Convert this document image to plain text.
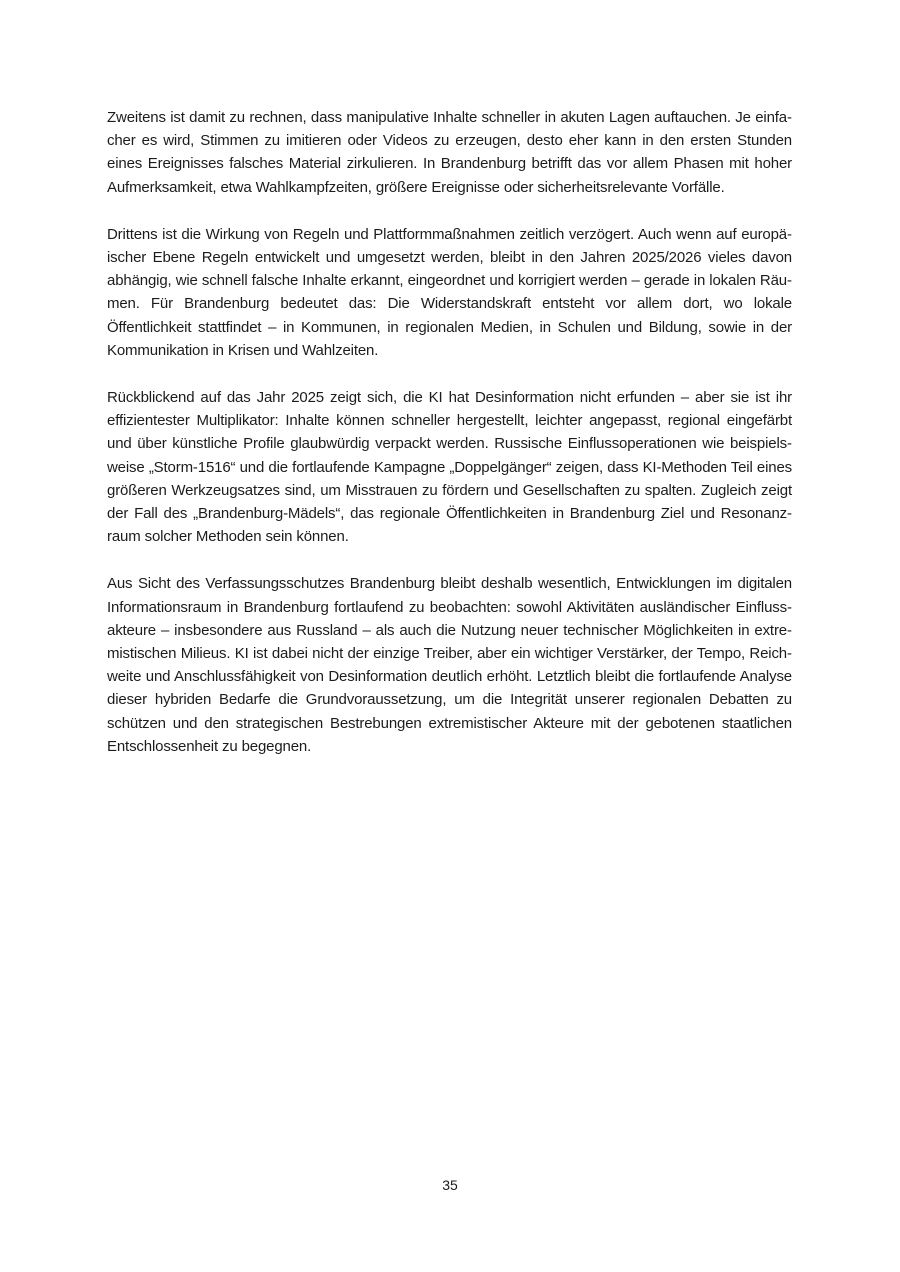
Zweitens ist damit zu rechnen, dass manipulative Inhalte schneller in akuten Lagen auftauchen. Je einfacher es wird, Stimmen zu imitieren oder Videos zu erzeugen, desto eher kann in den ersten Stunden eines Ereignisses falsches Material zirkulieren. In Brandenburg betrifft das vor allem Phasen mit hoher Aufmerksamkeit, etwa Wahlkampfzeiten, größere Ereignisse oder sicherheitsrelevante Vorfälle.

Drittens ist die Wirkung von Regeln und Plattformmaßnahmen zeitlich verzögert. Auch wenn auf europäischer Ebene Regeln entwickelt und umgesetzt werden, bleibt in den Jahren 2025/2026 vieles davon abhängig, wie schnell falsche Inhalte erkannt, eingeordnet und korrigiert werden – gerade in lokalen Räumen. Für Brandenburg bedeutet das: Die Widerstandskraft entsteht vor allem dort, wo lokale Öffentlichkeit stattfindet – in Kommunen, in regionalen Medien, in Schulen und Bildung, sowie in der Kommunikation in Krisen und Wahlzeiten.

Rückblickend auf das Jahr 2025 zeigt sich, die KI hat Desinformation nicht erfunden – aber sie ist ihr effizientester Multiplikator: Inhalte können schneller hergestellt, leichter angepasst, regional eingefärbt und über künstliche Profile glaubwürdig verpackt werden. Russische Einflussoperationen wie beispielsweise „Storm-1516“ und die fortlaufende Kampagne „Doppelgänger“ zeigen, dass KI-Methoden Teil eines größeren Werkzeugsatzes sind, um Misstrauen zu fördern und Gesellschaften zu spalten. Zugleich zeigt der Fall des „Brandenburg-Mädels“, das regionale Öffentlichkeiten in Brandenburg Ziel und Resonanzraum solcher Methoden sein können.

Aus Sicht des Verfassungsschutzes Brandenburg bleibt deshalb wesentlich, Entwicklungen im digitalen Informationsraum in Brandenburg fortlaufend zu beobachten: sowohl Aktivitäten ausländischer Einflussakteure – insbesondere aus Russland – als auch die Nutzung neuer technischer Möglichkeiten in extremistischen Milieus. KI ist dabei nicht der einzige Treiber, aber ein wichtiger Verstärker, der Tempo, Reichweite und Anschlussfähigkeit von Desinformation deutlich erhöht. Letztlich bleibt die fortlaufende Analyse dieser hybriden Bedarfe die Grundvoraussetzung, um die Integrität unserer regionalen Debatten zu schützen und den strategischen Bestrebungen extremistischer Akteure mit der gebotenen staatlichen Entschlossenheit zu begegnen.

35
